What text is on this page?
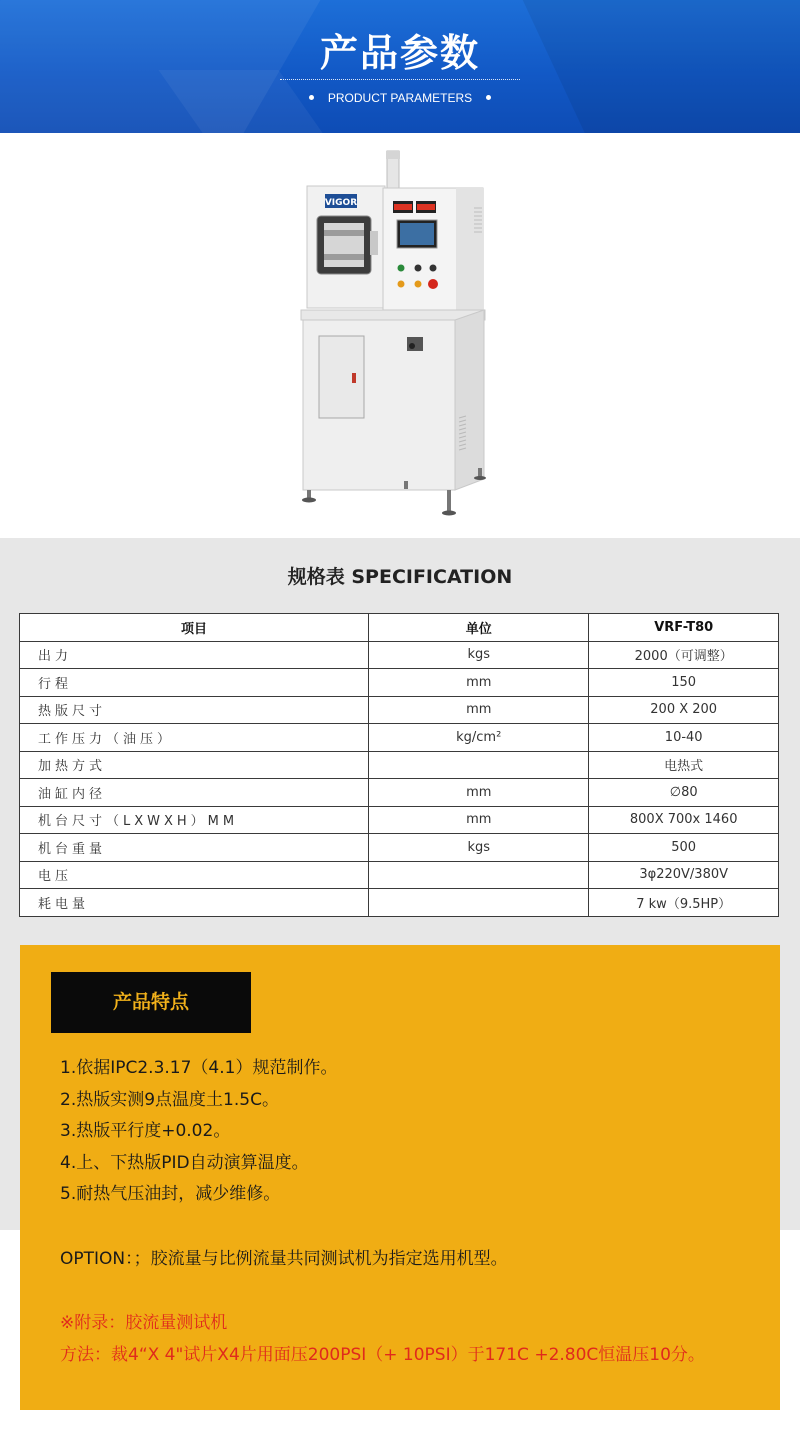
产品参数
PRODUCT PARAMETERS
VIGOR
规格表 SPECIFICATION
项目	单位	VRF-T80
出力	kgs	2000（可调整）
行程	mm	150
热版尺寸	mm	200 X 200
工作压力（油压）	kg/cm²	10-40
加热方式		电热式
油缸内径	mm	∅80
机台尺寸（LXWXH）MM	mm	800X 700x 1460
机台重量	kgs	500
电压		3φ220V/380V
耗电量		7 kw（9.5HP）
产品特点
1.依据IPC2.3.17（4.1）规范制作。
2.热版实测9点温度土1.5C。
3.热版平行度+0.02。
4.上、下热版PID自动演算温度。
5.耐热气压油封，减少维修。
OPTION：；胶流量与比例流量共同测试机为指定选用机型。
※附录：胶流量测试机
方法：裁4“X 4"试片X4片用面压200PSI（+ 10PSI）于171C +2.80C恒温压10分。
